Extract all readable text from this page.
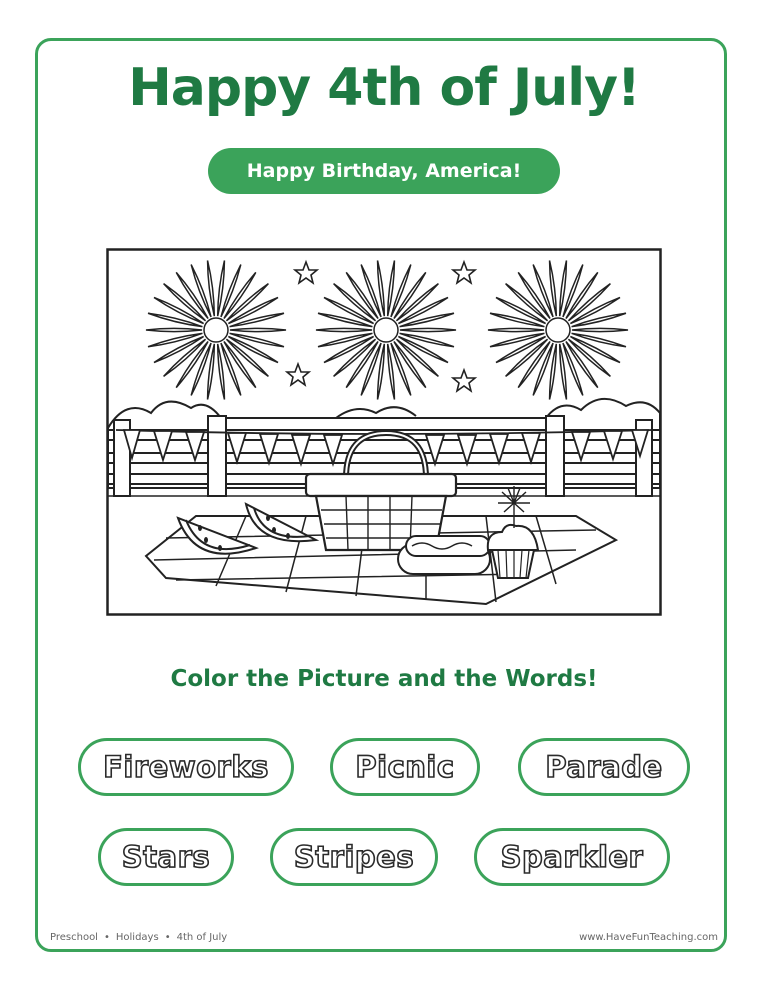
Happy 4th of July!
Happy Birthday, America!
Color the Picture and the Words!
Fireworks	Picnic	Parade
Stars	Stripes	Sparkler
Preschool • Holidays • 4th of July	www.HaveFunTeaching.com
